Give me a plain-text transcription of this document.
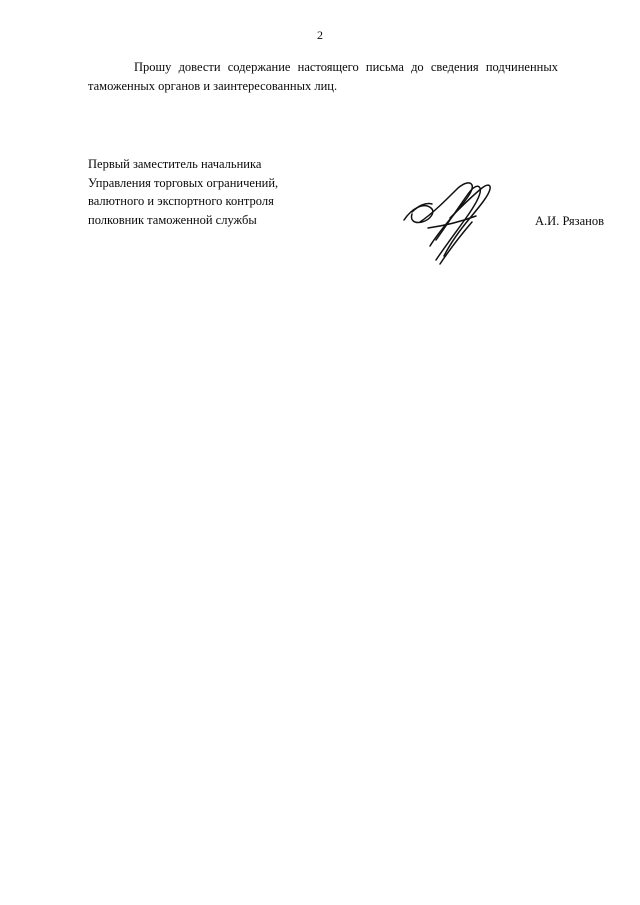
2
Прошу довести содержание настоящего письма до сведения подчиненных таможенных органов и заинтересованных лиц.
Первый заместитель начальника
Управления торговых ограничений,
валютного и экспортного контроля
полковник таможенной службы	А.И. Рязанов
